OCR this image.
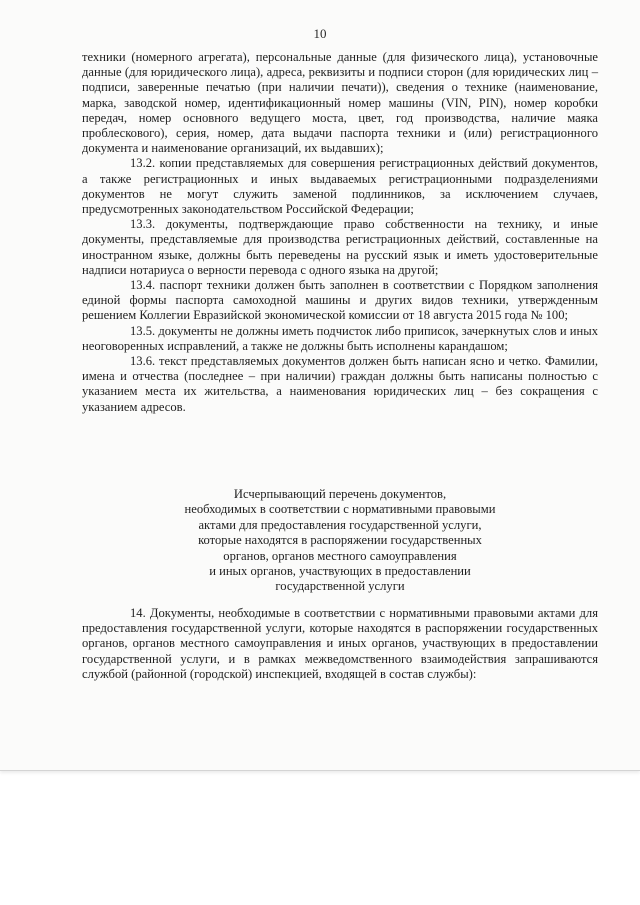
10

техники (номерного агрегата), персональные данные (для физического лица), установочные данные (для юридического лица), адреса, реквизиты и подписи сторон (для юридических лиц – подписи, заверенные печатью (при наличии печати)), сведения о технике (наименование, марка, заводской номер, идентификационный номер машины (VIN, PIN), номер коробки передач, номер основного ведущего моста, цвет, год производства, наличие маяка проблескового), серия, номер, дата выдачи паспорта техники и (или) регистрационного документа и наименование организаций, их выдавших);

13.2. копии представляемых для совершения регистрационных действий документов, а также регистрационных и иных выдаваемых регистрационными подразделениями документов не могут служить заменой подлинников, за исключением случаев, предусмотренных законодательством Российской Федерации;

13.3. документы, подтверждающие право собственности на технику, и иные документы, представляемые для производства регистрационных действий, составленные на иностранном языке, должны быть переведены на русский язык и иметь удостоверительные надписи нотариуса о верности перевода с одного языка на другой;

13.4. паспорт техники должен быть заполнен в соответствии с Порядком заполнения единой формы паспорта самоходной машины и других видов техники, утвержденным решением Коллегии Евразийской экономической комиссии от 18 августа 2015 года № 100;

13.5. документы не должны иметь подчисток либо приписок, зачеркнутых слов и иных неоговоренных исправлений, а также не должны быть исполнены карандашом;

13.6. текст представляемых документов должен быть написан ясно и четко. Фамилии, имена и отчества (последнее – при наличии) граждан должны быть написаны полностью с указанием места их жительства, а наименования юридических лиц – без сокращения с указанием адресов.

Исчерпывающий перечень документов,
необходимых в соответствии с нормативными правовыми
актами для предоставления государственной услуги,
которые находятся в распоряжении государственных
органов, органов местного самоуправления
и иных органов, участвующих в предоставлении
государственной услуги

14. Документы, необходимые в соответствии с нормативными правовыми актами для предоставления государственной услуги, которые находятся в распоряжении государственных органов, органов местного самоуправления и иных органов, участвующих в предоставлении государственной услуги, и в рамках межведомственного взаимодействия запрашиваются службой (районной (городской) инспекцией, входящей в состав службы):
